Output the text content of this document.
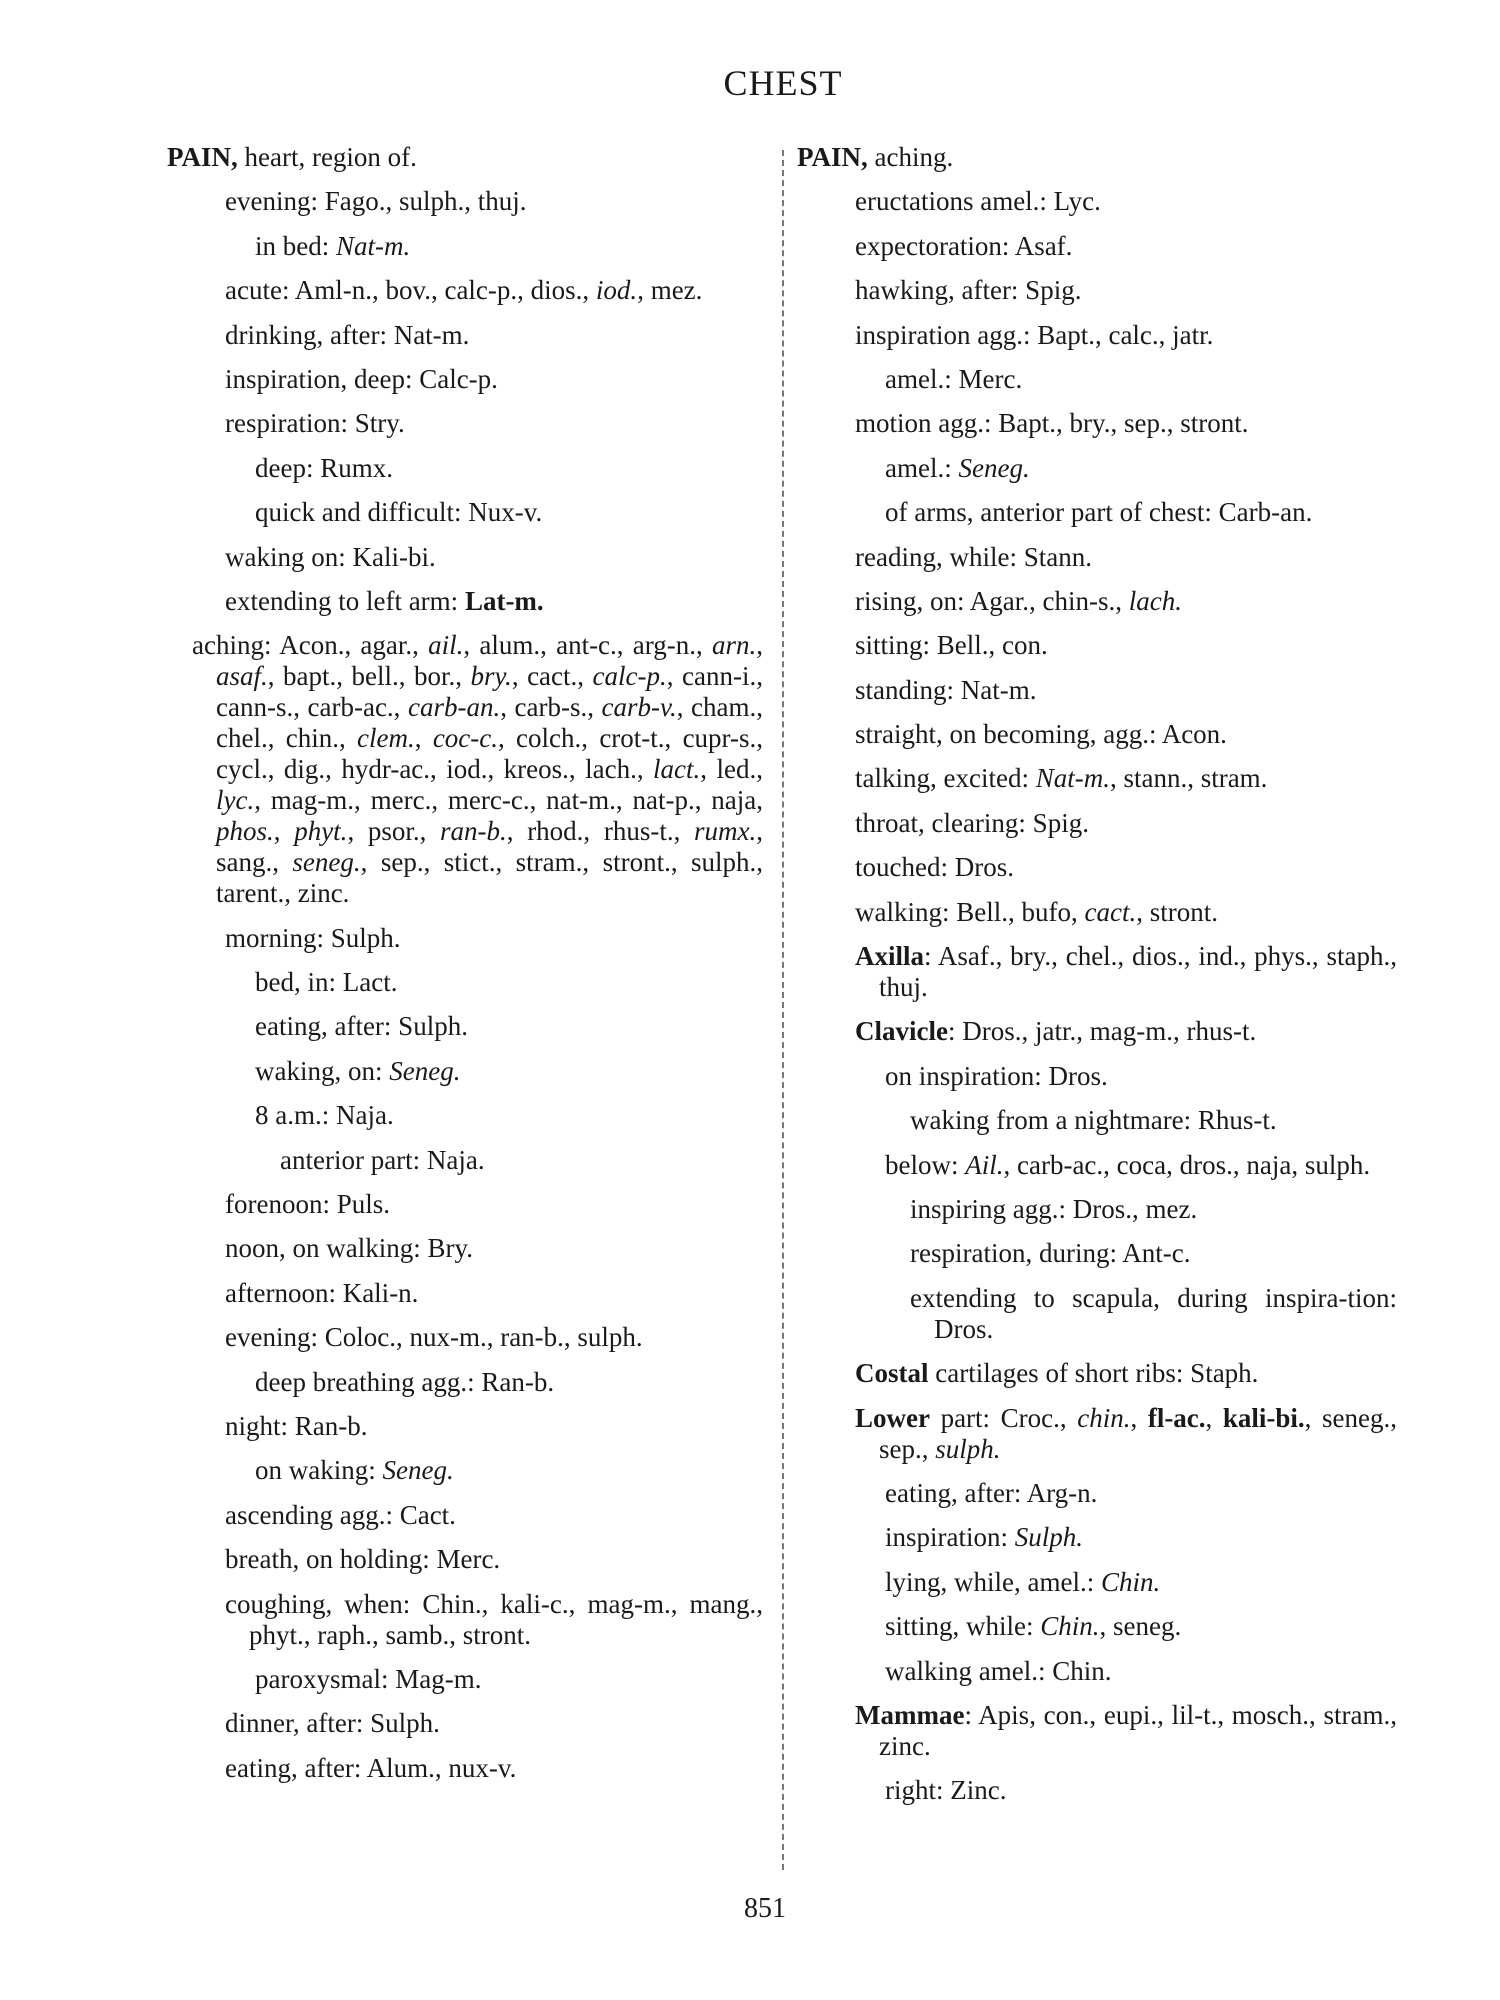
CHEST
PAIN, heart, region of.
evening: Fago., sulph., thuj.
in bed: Nat-m.
acute: Aml-n., bov., calc-p., dios., iod., mez.
drinking, after: Nat-m.
inspiration, deep: Calc-p.
respiration: Stry.
deep: Rumx.
quick and difficult: Nux-v.
waking on: Kali-bi.
extending to left arm: Lat-m.
aching: Acon., agar., ail., alum., ant-c., arg-n., arn., asaf., bapt., bell., bor., bry., cact., calc-p., cann-i., cann-s., carb-ac., carb-an., carb-s., carb-v., cham., chel., chin., clem., coc-c., colch., crot-t., cupr-s., cycl., dig., hydr-ac., iod., kreos., lach., lact., led., lyc., mag-m., merc., merc-c., nat-m., nat-p., naja, phos., phyt., psor., ran-b., rhod., rhus-t., rumx., sang., seneg., sep., stict., stram., stront., sulph., tarent., zinc.
morning: Sulph.
bed, in: Lact.
eating, after: Sulph.
waking, on: Seneg.
8 a.m.: Naja.
anterior part: Naja.
forenoon: Puls.
noon, on walking: Bry.
afternoon: Kali-n.
evening: Coloc., nux-m., ran-b., sulph.
deep breathing agg.: Ran-b.
night: Ran-b.
on waking: Seneg.
ascending agg.: Cact.
breath, on holding: Merc.
coughing, when: Chin., kali-c., mag-m., mang., phyt., raph., samb., stront.
paroxysmal: Mag-m.
dinner, after: Sulph.
eating, after: Alum., nux-v.
PAIN, aching.
eructations amel.: Lyc.
expectoration: Asaf.
hawking, after: Spig.
inspiration agg.: Bapt., calc., jatr.
amel.: Merc.
motion agg.: Bapt., bry., sep., stront.
amel.: Seneg.
of arms, anterior part of chest: Carb-an.
reading, while: Stann.
rising, on: Agar., chin-s., lach.
sitting: Bell., con.
standing: Nat-m.
straight, on becoming, agg.: Acon.
talking, excited: Nat-m., stann., stram.
throat, clearing: Spig.
touched: Dros.
walking: Bell., bufo, cact., stront.
Axilla: Asaf., bry., chel., dios., ind., phys., staph., thuj.
Clavicle: Dros., jatr., mag-m., rhus-t.
on inspiration: Dros.
waking from a nightmare: Rhus-t.
below: Ail., carb-ac., coca, dros., naja, sulph.
inspiring agg.: Dros., mez.
respiration, during: Ant-c.
extending to scapula, during inspira-tion: Dros.
Costal cartilages of short ribs: Staph.
Lower part: Croc., chin., fl-ac., kali-bi., seneg., sep., sulph.
eating, after: Arg-n.
inspiration: Sulph.
lying, while, amel.: Chin.
sitting, while: Chin., seneg.
walking amel.: Chin.
Mammae: Apis, con., eupi., lil-t., mosch., stram., zinc.
right: Zinc.
851
